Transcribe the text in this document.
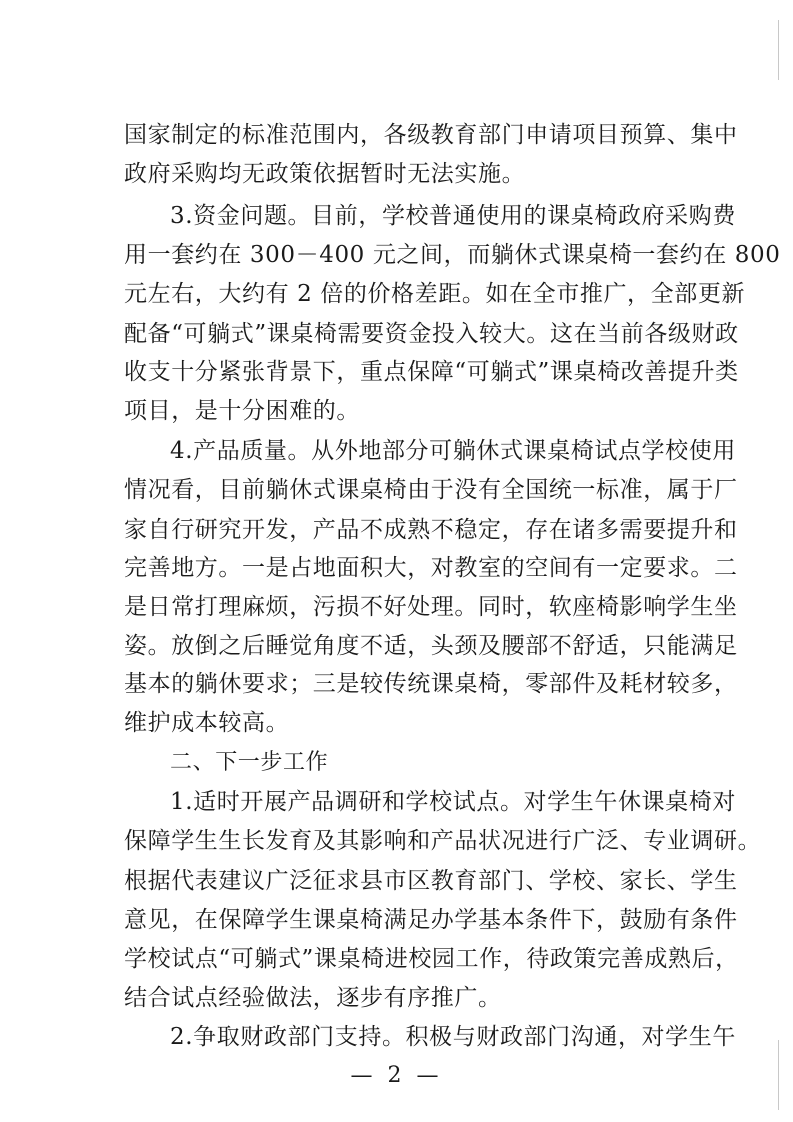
国家制定的标准范围内，各级教育部门申请项目预算、集中
政府采购均无政策依据暂时无法实施。
3.资金问题。目前，学校普通使用的课桌椅政府采购费
用一套约在 300－400 元之间，而躺休式课桌椅一套约在 800
元左右，大约有 2 倍的价格差距。如在全市推广，全部更新
配备“可躺式”课桌椅需要资金投入较大。这在当前各级财政
收支十分紧张背景下，重点保障“可躺式”课桌椅改善提升类
项目，是十分困难的。
4.产品质量。从外地部分可躺休式课桌椅试点学校使用
情况看，目前躺休式课桌椅由于没有全国统一标准，属于厂
家自行研究开发，产品不成熟不稳定，存在诸多需要提升和
完善地方。一是占地面积大，对教室的空间有一定要求。二
是日常打理麻烦，污损不好处理。同时，软座椅影响学生坐
姿。放倒之后睡觉角度不适，头颈及腰部不舒适，只能满足
基本的躺休要求；三是较传统课桌椅，零部件及耗材较多，
维护成本较高。
二、下一步工作
1.适时开展产品调研和学校试点。对学生午休课桌椅对
保障学生生长发育及其影响和产品状况进行广泛、专业调研。
根据代表建议广泛征求县市区教育部门、学校、家长、学生
意见，在保障学生课桌椅满足办学基本条件下，鼓励有条件
学校试点“可躺式”课桌椅进校园工作，待政策完善成熟后，
结合试点经验做法，逐步有序推广。
2.争取财政部门支持。积极与财政部门沟通，对学生午
— 2 —
